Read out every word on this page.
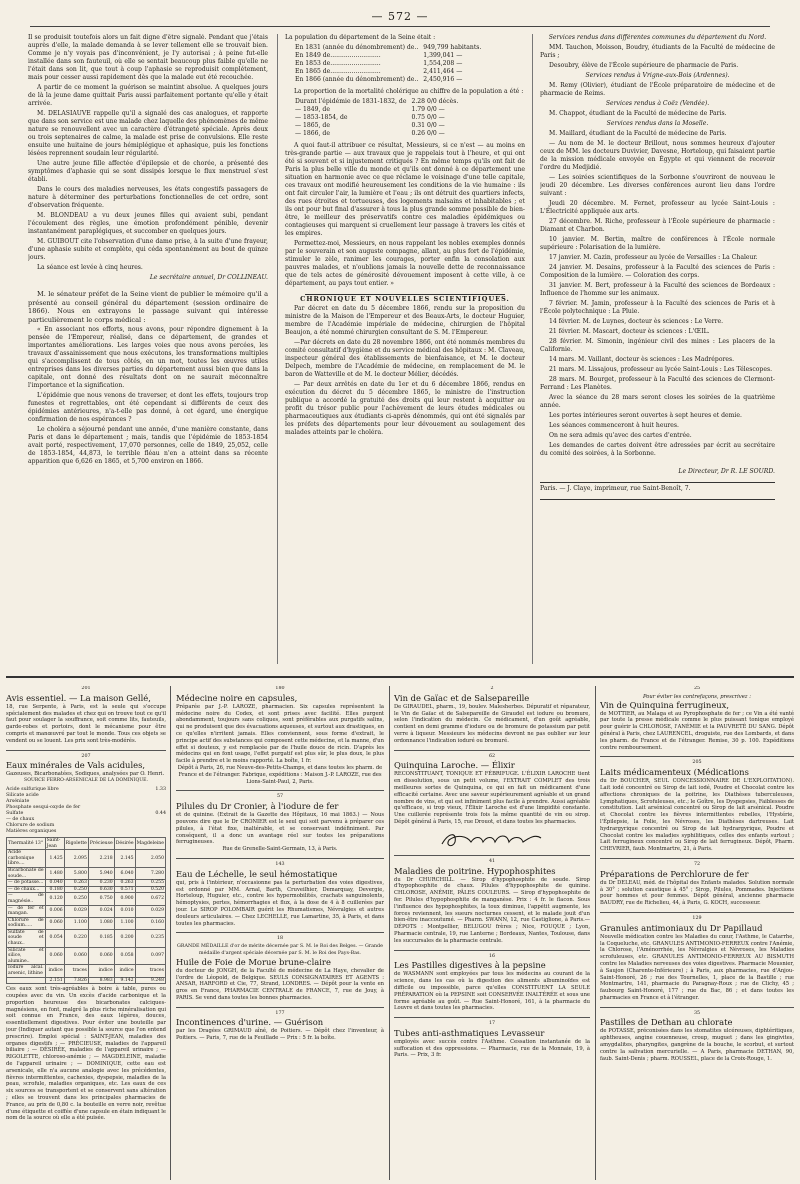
— 572 —

Il se produisit toutefois alors un fait digne d'être signalé. Pendant que j'étais auprès d'elle, la malade demanda à se lever tellement elle se trouvait bien. Comme je n'y voyais pas d'inconvénient, je l'y autorisai ; à peine fut-elle installée dans son fauteuil, où elle se sentait beaucoup plus faible qu'elle ne l'était dans son lit, que tout à coup l'aphasie se reproduisit complétement, mais pour cesser aussi rapidement dès que la malade eut été recouchée.

A partir de ce moment la guérison se maintint absolue. A quelques jours de là la jeune dame quittait Paris aussi parfaitement portante qu'elle y était arrivée.

M. DELASIAUVE rappelle qu'il a signalé des cas analogues, et rapporte que dans son service est une malade chez laquelle des phénomènes de même nature se renouvellent avec un caractère d'étrangeté spéciale. Après deux ou trois septenaires de calme, la malade est prise de convulsions. Elle reste ensuite une huitaine de jours hémiplégique et aphasique, puis les fonctions lésées reprennent soudain leur régularité.

Une autre jeune fille affectée d'épilepsie et de chorée, a présenté des symptômes d'aphasie qui se sont dissipés lorsque le flux menstruel s'est établi.

Dans le cours des maladies nerveuses, les états congestifs passagers de nature à déterminer des perturbations fonctionnelles de cet ordre, sont d'observation fréquente.

M. BLONDEAU a vu deux jeunes filles qui avaient subi, pendant l'écoulement des règles, une émotion profondément pénible, devenir instantanément paraplégiques, et succomber en quelques jours.

M. GUIBOUT cite l'observation d'une dame prise, à la suite d'une frayeur, d'une aphasie subite et complète, qui céda spontanément au bout de quinze jours.

La séance est levée à cinq heures.

Le secrétaire annuel, Dr COLLINEAU.

M. le sénateur préfet de la Seine vient de publier le mémoire qu'il a présenté au conseil général du département (session ordinaire de 1866). Nous en extrayons le passage suivant qui intéresse particulièrement le corps médical :

« En associant nos efforts, nous avons, pour répondre dignement à la pensée de l'Empereur, réalisé, dans ce département, de grandes et importantes améliorations. Les larges voies que nous avons percées, les travaux d'assainissement que nous exécutons, les transformations multiples qui s'accomplissent de tous côtés, en un mot, toutes les œuvres utiles entreprises dans les diverses parties du département aussi bien que dans la capitale, ont donné des résultats dont on ne saurait méconnaître l'importance et la signification.

L'épidémie que nous venons de traverser, et dont les effets, toujours trop funestes et regrettables, ont été cependant si différents de ceux des épidémies antérieures, n'a-t-elle pas donné, à cet égard, une énergique confirmation de nos espérances ?

Le choléra a séjourné pendant une année, d'une manière constante, dans Paris et dans le département ; mais, tandis que l'épidémie de 1853-1854 avait porté, respectivement, 17,070 personnes, celle de 1849, 25,052, celle de 1853-1854, 44,873, le terrible fléau n'en a atteint dans sa récente apparition que 6,626 en 1865, et 5,700 environ en 1866.

La population du département de la Seine était :

En 1831 (année du dénombrement) de..	949,799 habitants.
En 1849 de..........................	1,399,041 —
En 1853 de..........................	1,554,208 —
En 1865 de..........................	2,411,464 —
En 1866 (année du dénombrement) de..	2,450,916 —

La proportion de la mortalité cholérique au chiffre de la population a été :

Durant l'épidémie de 1831-1832, de	2.28 0/0 décès.
— 1849, de	1.79 0/0 —
— 1853-1854, de	0.75 0/0 —
— 1865, de	0.31 0/0 —
— 1866, de	0.26 0/0 —

A quoi faut-il attribuer ce résultat, Messieurs, si ce n'est — au moins en très-grande partie — aux travaux que je rappelais tout à l'heure, et qui ont été si souvent et si injustement critiqués ? En même temps qu'ils ont fait de Paris la plus belle ville du monde et qu'ils ont donné à ce département une situation en harmonie avec ce que réclame le voisinage d'une telle capitale, ces travaux ont modifié heureusement les conditions de la vie humaine : ils ont fait circuler l'air, la lumière et l'eau ; ils ont détruit des quartiers infects, des rues étroites et tortueuses, des logements malsains et inhabitables ; et ils ont pour but final d'assurer à tous la plus grande somme possible de bien-être, le meilleur des préservatifs contre ces maladies épidémiques ou contagieuses qui marquent si cruellement leur passage à travers les cités et les empires.

Permettez-moi, Messieurs, en nous rappelant les nobles exemples donnés par le souverain et son auguste compagne, allant, au plus fort de l'épidémie, stimuler le zèle, ranimer les courages, porter enfin la consolation aux pauvres malades, et n'oublions jamais la nouvelle dette de reconnaissance que de tels actes de générosité dévouement imposent à cette ville, à ce département, au pays tout entier. »

CHRONIQUE ET NOUVELLES SCIENTIFIQUES.

Par décret en date du 5 décembre 1866, rendu sur la proposition du ministre de la Maison de l'Empereur et des Beaux-Arts, le docteur Huguier, membre de l'Académie impériale de médecine, chirurgien de l'hôpital Beaujon, a été nommé chirurgien consultant de S. M. l'Empereur.

—Par décrets en date du 28 novembre 1866, ont été nommés membres du comité consultatif d'hygiène et du service médical des hôpitaux : M. Claveau, inspecteur général des établissements de bienfaisance, et M. le docteur Delpech, membre de l'Académie de médecine, en remplacement de M. le baron de Watteville et de M. le docteur Mélier, décédés.

— Par deux arrêtés en date du 1er et du 6 décembre 1866, rendus en exécution du décret du 5 décembre 1865, le ministre de l'instruction publique a accordé la gratuité des droits qui leur restent à acquitter au profit du trésor public pour l'achèvement de leurs études médicales ou pharmaceutiques aux étudiants ci-après dénommés, qui ont été signalés par les préfets des départements pour leur dévouement au soulagement des malades atteints par le choléra.

Services rendus dans différentes communes du département du Nord.

MM. Tauchon, Moisson, Boudry, étudiants de la Faculté de médecine de Paris ;

Desoubry, élève de l'École supérieure de pharmacie de Paris.

Services rendus à Vrigne-aux-Bois (Ardennes).

M. Remy (Olivier), étudiant de l'École préparatoire de médecine et de pharmacie de Reims.

Services rendus à Coëz (Vendée).

M. Chappot, étudiant de la Faculté de médecine de Paris.

Services rendus dans la Moselle.

M. Maillard, étudiant de la Faculté de médecine de Paris.

— Au nom de M. le docteur Brillout, nous sommes heureux d'ajouter ceux de MM. les docteurs Duvivier, Davesne, Horteloup, qui faisaient partie de la mission médicale envoyée en Égypte et qui viennent de recevoir l'ordre du Medjidié.

— Les soirées scientifiques de la Sorbonne s'ouvriront de nouveau le jeudi 20 décembre. Les diverses conférences auront lieu dans l'ordre suivant :

Jeudi 20 décembre. M. Fernet, professeur au lycée Saint-Louis : L'Électricité appliquée aux arts.

27 décembre. M. Riche, professeur à l'École supérieure de pharmacie : Diamant et Charbon.

10 janvier. M. Bertin, maître de conférences à l'École normale supérieure : Polarisation de la lumière.

17 janvier. M. Cazin, professeur au lycée de Versailles : La Chaleur.

24 janvier. M. Desains, professeur à la Faculté des sciences de Paris : Composition de la lumière. — Coloration des corps.

31 janvier. M. Bert, professeur à la Faculté des sciences de Bordeaux : Influence de l'homme sur les animaux.

7 février. M. Jamin, professeur à la Faculté des sciences de Paris et à l'École polytechnique : La Pluie.

14 février. M. de Luynes, docteur ès sciences : Le Verre.

21 février. M. Mascart, docteur ès sciences : L'ŒIL.

28 février. M. Simonin, ingénieur civil des mines : Les placers de la Californie.

14 mars. M. Vaillant, docteur ès sciences : Les Madrépores.

21 mars. M. Lissajous, professeur au lycée Saint-Louis : Les Télescopes.

28 mars. M. Bourget, professeur à la Faculté des sciences de Clermont-Ferrand : Les Planètes.

Avec la séance du 28 mars seront closes les soirées de la quatrième année.

Les portes intérieures seront ouvertes à sept heures et demie.

Les séances commenceront à huit heures.

On ne sera admis qu'avec des cartes d'entrée.

Les demandes de cartes doivent être adressées par écrit au secrétaire du comité des soirées, à la Sorbonne.

Le Directeur, Dr R. LE SOURD.

Paris. — J. Claye, imprimeur, rue Saint-Benoît, 7.

201
Avis essentiel. — La maison Gellé,

18, rue Serpente, à Paris, est la seule qui s'occupe spécialement des malades et chez qui on trouve tout ce qu'il faut pour soulager la souffrance, soit comme lits, fauteuils, garde-robes et portoirs, dont le mécanisme pour être compris et manœuvré par tout le monde. Tous ces objets se vendent ou se louent. Les prix sont très-modérés.

207
Eaux minérales de Vals acidules,

Gazeuses, Bicarbonatées, Sodiques, analysées par O. Henri.

SOURCE FERRO-ARSENICALE DE LA DOMINIQUE.

Acide sulfurique libre	1.33
Silicate acide
Arséniate
Phosphate sesqui-oxyde de fer
Sulfate	0.44
— de chaux
Chlorure de sodium
Matières organiques
Thermalité 13°	Saint-Jean	Rigolette	Précieuse	Désirée	Magdeleine
Acide carbonique libre....	1.425	2.095	2.218	2.145	2.050
Bicarbonate de soude...	1.480	5.800	5.940	6.040	7.280
— de potasse...	0.040	0.263	0.230	0.263	0.255
— de chaux...	0.180	0.250	0.630	0.571	0.520
— de magnésie..	0.120	0.250	0.750	0.900	0.672
— de fer et mangan.	0.006	0.029	0.024	0.010	0.029
Chlorure de sodium.....	0.060	1.100	1.080	1.100	0.160
Sulfate de soude et chaux..	0.054	0.220	0.185	0.200	0.235
Silicate et silice, alumine..	0.060	0.060	0.060	0.058	0.097
Iodure alcal. arsenic, lithine	indice	traces	indice	indice	traces
	2.151	7.826	8.983	9.142	9.248

Ces eaux sont très-agréables à boire à table, pures ou coupées avec du vin. Un excès d'acide carbonique et la proportion heureuse des bicarbonates calciques-magnésiens, en font, malgré la plus riche minéralisation qui soit connue en France, des eaux légères, douces, essentiellement digestives. Pour éviter une bouteille par jour (Indiquer autant que possible la source que l'on entend prescrire). Emploi spécial : SAINT-JEAN, maladies des organes digestifs ; — PRÉCIEUSE, maladies de l'appareil biliaire ; — DÉSIRÉE, maladies de l'appareil urinaire ; — RIGOLETTE, chloroso-anémie ; — MAGDELEINE, maladie de l'appareil urinaire ; — DOMINIQUE, cette eau est arsenicale, elle n'a aucune analogie avec les précédentes, fièvres intermittentes, cachexies, dyspepsie, maladies de la peau, scrofule, maladies organiques, etc. Les eaux de ces six sources se transportent et se conservent sans altération ; elles se trouvent dans les principales pharmacies de France, au prix de 0,80 c. la bouteille en verre noir, revêtue d'une étiquette et coiffée d'une capsule en étain indiquant le nom de la source où elle a été puisée.

180
Médecine noire en capsules,

Préparée par J.-P. LAROZE, pharmacien. Six capsules représentent la médecine noire du Codex, et sont prises avec facilité. Elles purgent abondamment, toujours sans coliques, sont préférables aux purgatifs salins, qui ne produisent que des évacuations aqueuses, et surtout aux drastiques, en ce qu'elles n'irritent jamais. Elles conviennent, sous forme d'extrait, le principe actif des substances qui composent cette médecine, et la manne, d'un effet si douteux, y est remplacée par de l'huile douce de ricin. D'après les médecins qui en font usage, l'effet purgatif est plus sûr, le plus doux, le plus facile à prendre et le moins rapporté. La boîte, 1 fr.

Dépôt à Paris, 26, rue Neuve-des-Petits-Champs, et dans toutes les pharm. de France et de l'étranger. Fabrique, expéditions : Maison J.-P. LAROZE, rue des Lions-Saint-Paul, 2, Paris.

57
Pilules du Dr Cronier, à l'iodure de fer

et de quinine. (Extrait de la Gazette des Hôpitaux, 16 mai 1863.) — Nous pouvons dire que le Dr CRONIER est le seul qui soit parvenu à préparer ces pilules, à l'état fixe, inaltérable, et se conservant indéfiniment. Par conséquent, il a donc un avantage réel sur toutes les préparations ferrugineuses.

Rue de Grenelle-Saint-Germain, 13, à Paris.

143
Eau de Léchelle, le seul hémostatique

qui, pris à l'intérieur, n'occasionne pas la perturbation des voies digestives, est ordonné par MM. Arnal, Barth, Cruveilhier, Demarquay, Devergie, Horteloup, Huguier, etc., contre les hypermobilités, crachats sanguinolents, hémoptysies, pertes, hémorrhagies et flux, à la dose de 4 à 8 cuillerées par jour. Le SIROP POLOMBAIR guérit les Rhumatismes, Névralgies et autres douleurs articulaires. — Chez LECHELLE, rue Lamartine, 35, à Paris, et dans toutes les pharmacies.

18

GRANDE MÉDAILLE d'or de mérite décernée par S. M. le Roi des Belges. — Grande médaille d'argent spéciale décernée par S. M. le Roi des Pays-Bas.

Huile de Foie de Morue brune-claire

du docteur de JONGH, de la Faculté de médecine de La Haye, chevalier de l'ordre de Léopold, de Belgique. SEULS CONSIGNATAIRES ET AGENTS : ANSAR, HARFORD et Cie, 77, Strand, LONDRES. — Dépôt pour la vente en gros en France, PHARMACIE CENTRALE de FRANCE, 7, rue de Jouy, à PARIS. Se vend dans toutes les bonnes pharmacies.

177
Incontinences d'urine. — Guérison

par les Dragées GRIMAUD aîné, de Poitiers. — Dépôt chez l'inventeur, à Poitiers. — Paris, 7, rue de la Feuillade — Prix : 5 fr. la boîte.

2
Vin de Gaïac et de Salsepareille

De GIRAUDEL, pharm., 19, boulev. Malesherbes. Dépuratif et réparateur, le Vin de Gaïac et de Salsepareille de Giraudel est iodure ou bromure, selon l'indication du médecin. Ce médicament, d'un goût agréable, contient en demi gramme d'iodure ou de bromure de potassium par petit verre à liqueur. Messieurs les médecins devront ne pas oublier sur leur ordonnance l'indication ioduré ou bromuré.

62
Quinquina Laroche. — Élixir

RECONSTITUANT, TONIQUE ET FÉBRIFUGE. L'ÉLIXIR LAROCHE tient en dissolution, sous un petit volume, l'EXTRAIT COMPLET des trois meilleures sortes de Quinquina, ce qui en fait un médicament d'une efficacité certaine. Avec une saveur supérieurement agréable et un grand nombre de vins, et qui est infiniment plus facile à prendre. Aussi agréable qu'efficace, si trop vieux, l'Élixir Laroche est d'une limpidité constante. Une cuillerée représente trois fois la même quantité de vin ou sirop. Dépôt général à Paris, 15, rue Drouot, et dans toutes les pharmacies.

41
Maladies de poitrine. Hypophosphites

du Dr CHURCHILL. — Sirop d'hypophosphite de soude. Sirop d'hypophosphite de chaux. Pilules d'hypophosphite de quinine. CHLOROSE, ANÉMIE, PÂLES COULEURS. — Sirop d'hypophosphite de fer. Pilules d'hypophosphite de manganèse. Prix : 4 fr. le flacon. Sous l'influence des hypophosphites, la toux diminue, l'appétit augmente, les forces reviennent, les sueurs nocturnes cessent, et le malade jouit d'un bien-être inaccoutumé. — Pharm. SWANN, 12, rue Castiglione, à Paris.— DÉPOTS : Montpellier, BELUGOU frères ; Nice, FOUQUE ; Lyon, Pharmacie centrale, 19, rue Lanterne ; Bordeaux, Nantes, Toulouse, dans les succursales de la pharmacie centrale.

16
Les Pastilles digestives à la pepsine

de WASMANN sont employées par tous les médecins au courant de la science, dans les cas où la digestion des aliments albuminoïdes est difficile ou impossible, parce qu'elles CONSTITUENT LA SEULE PRÉPARATION où la PEPSINE soit CONSERVÉE INALTÉRÉE et sous une forme agréable au goût. — Rue Saint-Honoré, 161, à la pharmacie du Louvre et dans toutes les pharmacies.

17
Tubes anti-asthmatiques Levasseur

employés avec succès contre l'Asthme. Cessation instantanée de la suffocation et des oppressions. — Pharmacie, rue de la Monnaie, 19, à Paris. — Prix, 3 fr.

25

Pour éviter les contrefaçons, prescrivez :

Vin de Quinquina ferrugineux,

de MOTTIER, au Malaga et au Pyrophosphate de fer ; ce Vin a été vanté par toute la presse médicale comme le plus puissant tonique employé pour guérir la CHLOROSE, l'ANÉMIE et la PAUVRETÉ DU SANG. Dépôt général à Paris, chez LAURENCEL, droguiste, rue des Lombards, et dans les pharm. de France et de l'étranger. Remise, 30 p. 100. Expéditions contre remboursement.

205
Laits médicamenteux (Médications

du Dr BOUCHER, SEUL CONCESSIONNAIRE DE L'EXPLOITATION). Lait iodé concentré ou Sirop de lait iodé, Poudre et Chocolat contre les affections chroniques de la poitrine, les Diathèses tuberculeuses, Lymphatiques, Scrofuleuses, etc.; le Goître, les Dyspepsies, Faiblesses de constitution. Lait arsénical concentré ou Sirop de lait arsénical. Poudre et Chocolat contre les fièvres intermittentes rebelles, l'Hystérie, l'Épilepsie, la Folie, les Névroses, les Diathèses dartreuses. Lait hydrargyrique concentré ou Sirop de lait hydrargyrique, Poudre et Chocolat contre les maladies syphilitiques, celles des enfants surtout ; Lait ferrugineux concentré ou Sirop de lait ferrugineux. Dépôt, Pharm. CHEVRIER, faub. Montmartre, 21, à Paris.

72
Préparations de Perchlorure de fer

du Dr DELEAU, méd. de l'hôpital des Enfants malades. Solution normale à 30° ; solution caustique à 45° ; Sirop, Pilules, Pommades. Injections pour hommes et pour femmes. Dépôt général, ancienne pharmacie BAUDRY, rue de Richelieu, 44, à Paris, G. KOCH, successeur.

129
Granules antimoniaux du Dr Papillaud

Nouvelle médication contre les Maladies du cœur, l'Asthme, le Catarrhe, la Coqueluche, etc. GRANULES ANTIMONIO-FERREUX contre l'Anémie, la Chlorose, l'Aménorrhée, les Névralgies et Névroses, les Maladies scrofuleuses, etc. GRANULES ANTIMONIO-FERREUX AU BISMUTH contre les Maladies nerveuses des voies digestives. Pharmacie Mousnier, à Saujon (Charente-Inférieure) ; à Paris, aux pharmacies, rue d'Anjou-Saint-Honoré, 26 ; rue des Tournelles, 1, place de la Bastille ; rue Montmartre, 141, pharmacie du Paragnay-Roux ; rue de Clichy, 45 ; faubourg Saint-Honoré, 177 ; rue du Bac, 86 ; et dans toutes les pharmacies en France et à l'étranger.

35
Pastilles de Dethan au chlorate

de POTASSE, préconisées dans les stomatites ulcéreuses, diphtéritiques, aphtheuses, angine couenneuse, croup, muguet ; dans les gingivites, amygdalites, pharyngites, gangrène de la bouche, le scorbut, et surtout contre la salivation mercurielle. — A Paris, pharmacie DETHAN, 90, faub. Saint-Denis ; pharm. ROUSSEL, place de la Croix-Rouge, 1.
